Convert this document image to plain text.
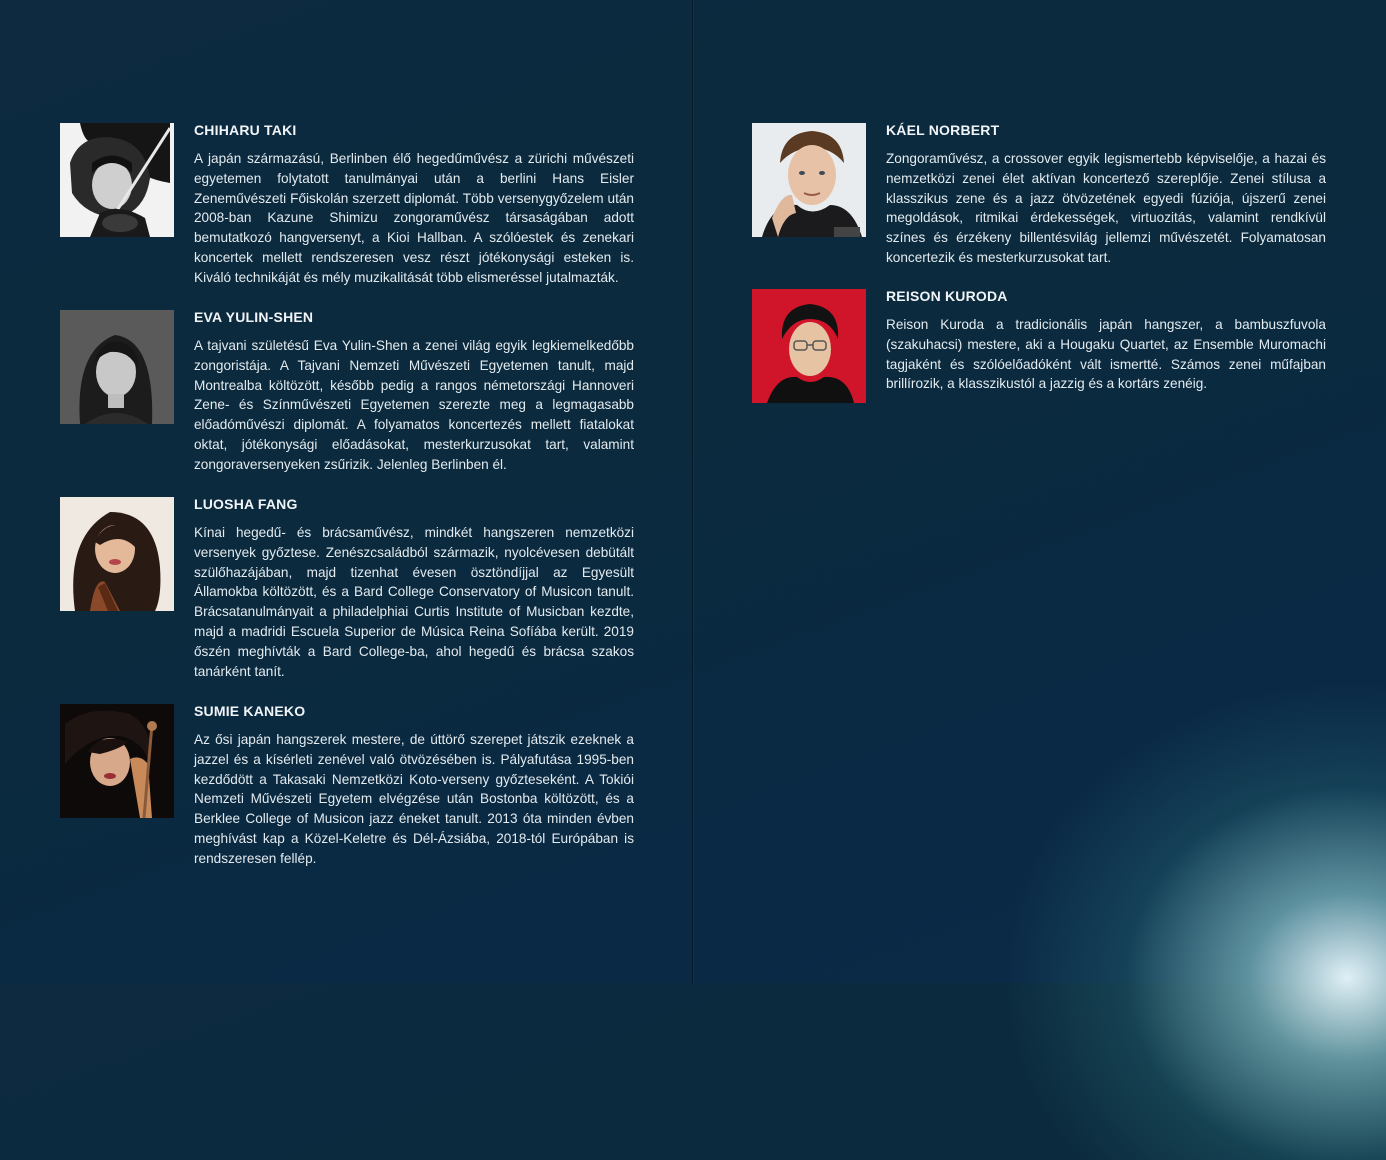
CHIHARU TAKI

A japán származású, Berlinben élő hegedűművész a zürichi művészeti egyetemen folytatott tanulmányai után a berlini Hans Eisler Zeneművészeti Főiskolán szerzett diplomát. Több versenygyőzelem után 2008-ban Kazune Shimizu zongoraművész társaságában adott bemutatkozó hangversenyt, a Kioi Hallban. A szólóestek és zenekari koncertek mellett rendszeresen vesz részt jótékonysági esteken is. Kiváló technikáját és mély muzikalitását több elismeréssel jutalmazták.

EVA YULIN-SHEN

A tajvani születésű Eva Yulin-Shen a zenei világ egyik legkiemelkedőbb zongoristája. A Tajvani Nemzeti Művészeti Egyetemen tanult, majd Montrealba költözött, később pedig a rangos németországi Hannoveri Zene- és Színművészeti Egyetemen szerezte meg a legmagasabb előadóművészi diplomát. A folyamatos koncertezés mellett fiatalokat oktat, jótékonysági előadásokat, mesterkurzusokat tart, valamint zongoraversenyeken zsűrizik. Jelenleg Berlinben él.

LUOSHA FANG

Kínai hegedű- és brácsaművész, mindkét hangszeren nemzetközi versenyek győztese. Zenészcsaládból származik, nyolcévesen debütált szülőhazájában, majd tizenhat évesen ösztöndíjjal az Egyesült Államokba költözött, és a Bard College Conservatory of Musicon tanult. Brácsatanulmányait a philadelphiai Curtis Institute of Musicban kezdte, majd a madridi Escuela Superior de Música Reina Sofíába került. 2019 őszén meghívták a Bard College-ba, ahol hegedű és brácsa szakos tanárként tanít.

SUMIE KANEKO

Az ősi japán hangszerek mestere, de úttörő szerepet játszik ezeknek a jazzel és a kísérleti zenével való ötvözésében is. Pályafutása 1995-ben kezdődött a Takasaki Nemzetközi Koto-verseny győzteseként. A Tokiói Nemzeti Művészeti Egyetem elvégzése után Bostonba költözött, és a Berklee College of Musicon jazz éneket tanult. 2013 óta minden évben meghívást kap a Közel-Keletre és Dél-Ázsiába, 2018-tól Európában is rendszeresen fellép.

KÁEL NORBERT

Zongoraművész, a crossover egyik legismertebb képviselője, a hazai és nemzetközi zenei élet aktívan koncertező szereplője. Zenei stílusa a klasszikus zene és a jazz ötvözetének egyedi fúziója, újszerű zenei megoldások, ritmikai érdekességek, virtuozitás, valamint rendkívül színes és érzékeny billentésvilág jellemzi művészetét. Folyamatosan koncertezik és mesterkurzusokat tart.

REISON KURODA

Reison Kuroda a tradicionális japán hangszer, a bambuszfuvola (szakuhacsi) mestere, aki a Hougaku Quartet, az Ensemble Muromachi tagjaként és szólóelőadóként vált ismertté. Számos zenei műfajban brillírozik, a klasszikustól a jazzig és a kortárs zenéig.
